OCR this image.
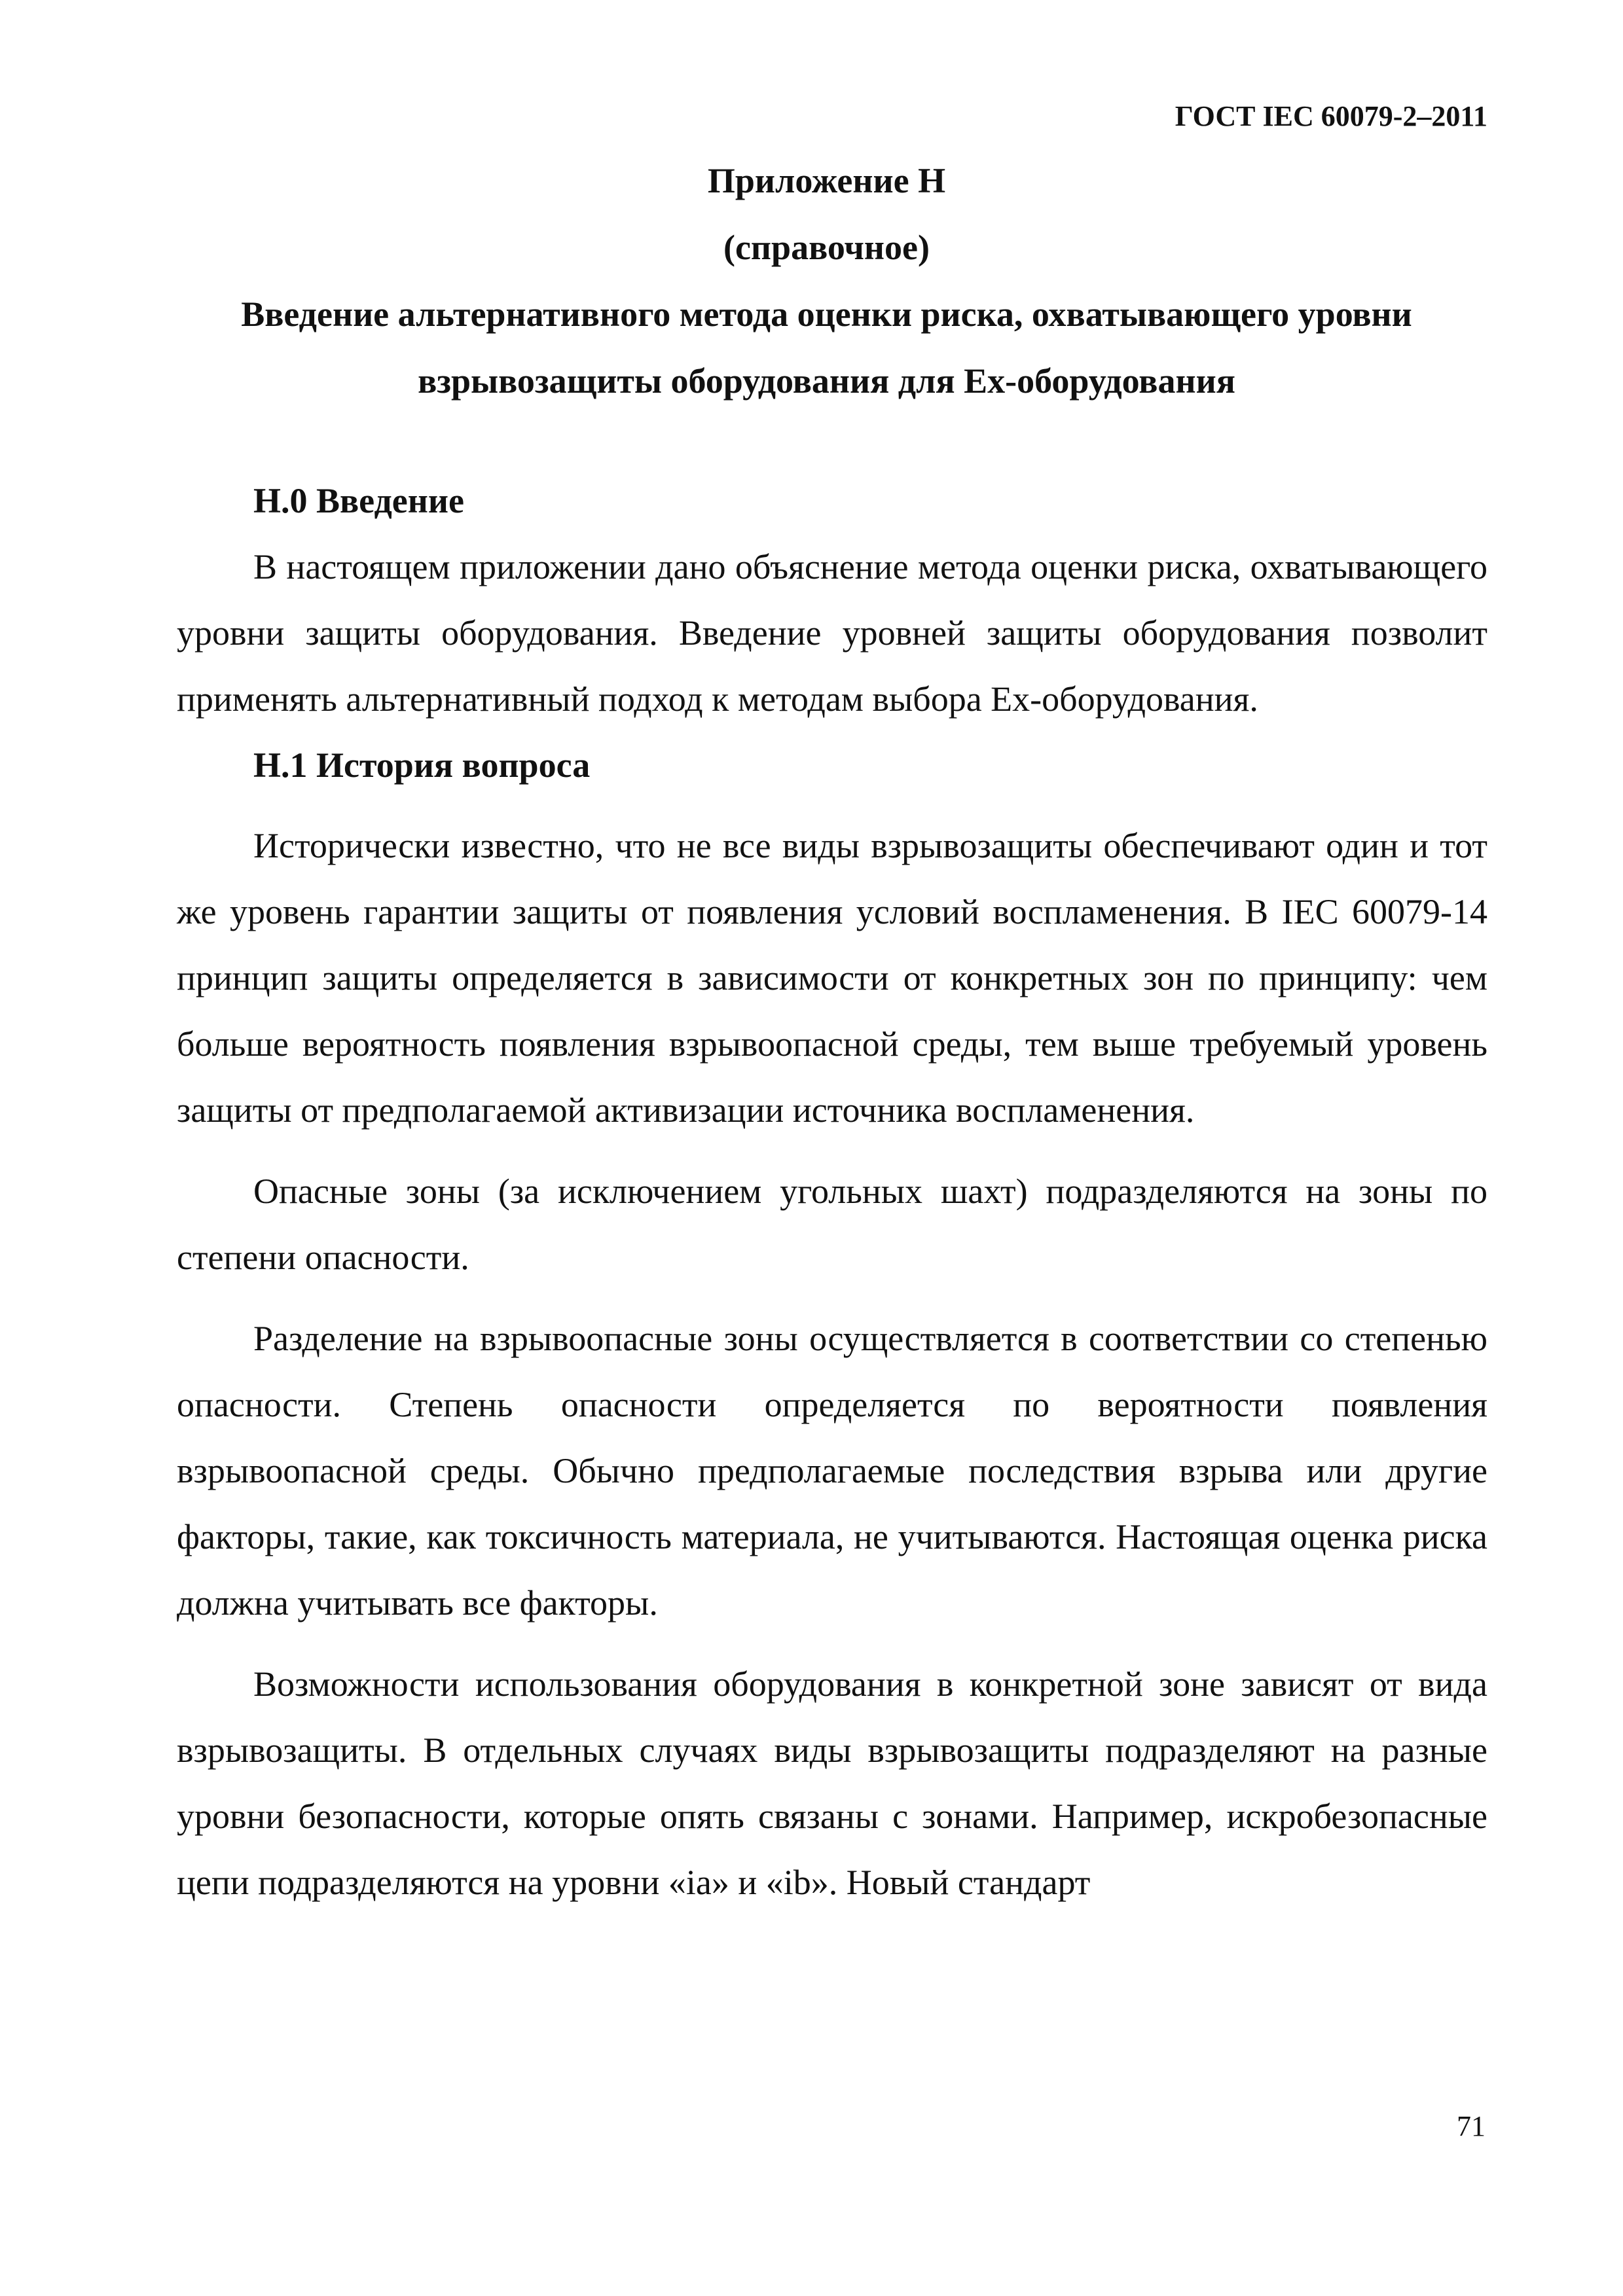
ГОСТ IEC 60079-2–2011
Приложение Н
(справочное)
Введение альтернативного метода оценки риска, охватывающего уровни
взрывозащиты оборудования для Ex-оборудования

Н.0 Введение

В настоящем приложении дано объяснение метода оценки риска, охватывающего уровни защиты оборудования. Введение уровней защиты оборудования позволит применять альтернативный подход к методам выбора Ex-оборудования.

Н.1 История вопроса

Исторически известно, что не все виды взрывозащиты обеспечивают один и тот же уровень гарантии защиты от появления условий воспламенения. В IEC 60079-14 принцип защиты определяется в зависимости от конкретных зон по принципу: чем больше вероятность появления взрывоопасной среды, тем выше требуемый уровень защиты от предполагаемой активизации источника воспламенения.

Опасные зоны (за исключением угольных шахт) подразделяются на зоны по степени опасности.

Разделение на взрывоопасные зоны осуществляется в соответствии со степенью опасности. Степень опасности определяется по вероятности появления взрывоопасной среды. Обычно предполагаемые последствия взрыва или другие факторы, такие, как токсичность материала, не учитываются. Настоящая оценка риска должна учитывать все факторы.

Возможности использования оборудования в конкретной зоне зависят от вида взрывозащиты. В отдельных случаях виды взрывозащиты подразделяют на разные уровни безопасности, которые опять связаны с зонами. Например, искробезопасные цепи подразделяются на уровни «ia» и «ib». Новый стандарт

71
